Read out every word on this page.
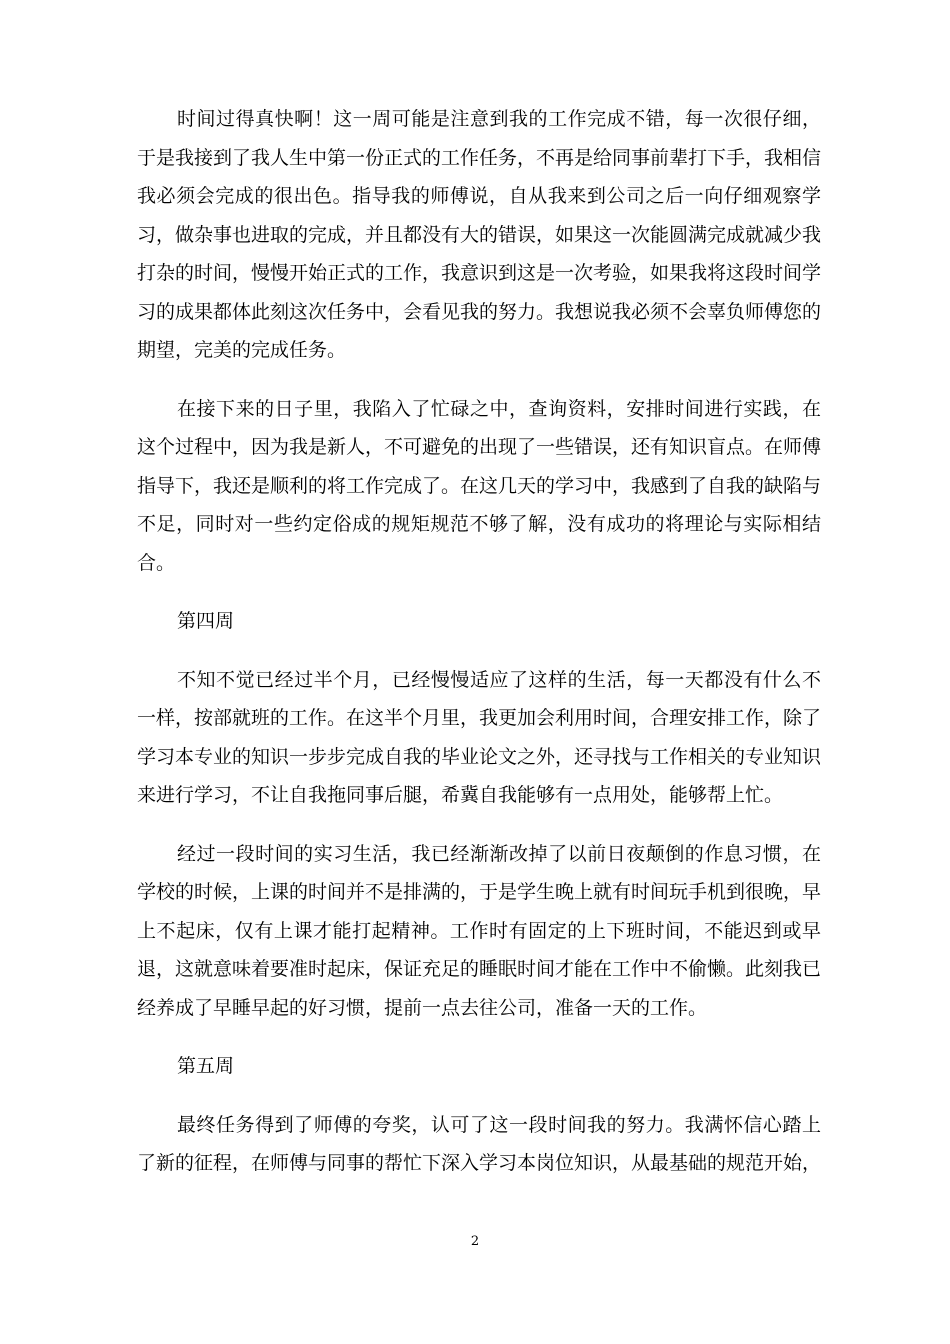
时间过得真快啊！这一周可能是注意到我的工作完成不错，每一次很仔细，于是我接到了我人生中第一份正式的工作任务，不再是给同事前辈打下手，我相信我必须会完成的很出色。指导我的师傅说，自从我来到公司之后一向仔细观察学习，做杂事也进取的完成，并且都没有大的错误，如果这一次能圆满完成就减少我打杂的时间，慢慢开始正式的工作，我意识到这是一次考验，如果我将这段时间学习的成果都体此刻这次任务中，会看见我的努力。我想说我必须不会辜负师傅您的期望，完美的完成任务。

在接下来的日子里，我陷入了忙碌之中，查询资料，安排时间进行实践，在这个过程中，因为我是新人，不可避免的出现了一些错误，还有知识盲点。在师傅指导下，我还是顺利的将工作完成了。在这几天的学习中，我感到了自我的缺陷与不足，同时对一些约定俗成的规矩规范不够了解，没有成功的将理论与实际相结合。

第四周

不知不觉已经过半个月，已经慢慢适应了这样的生活，每一天都没有什么不一样，按部就班的工作。在这半个月里，我更加会利用时间，合理安排工作，除了学习本专业的知识一步步完成自我的毕业论文之外，还寻找与工作相关的专业知识来进行学习，不让自我拖同事后腿，希冀自我能够有一点用处，能够帮上忙。

经过一段时间的实习生活，我已经渐渐改掉了以前日夜颠倒的作息习惯，在学校的时候，上课的时间并不是排满的，于是学生晚上就有时间玩手机到很晚，早上不起床，仅有上课才能打起精神。工作时有固定的上下班时间，不能迟到或早退，这就意味着要准时起床，保证充足的睡眠时间才能在工作中不偷懒。此刻我已经养成了早睡早起的好习惯，提前一点去往公司，准备一天的工作。

第五周

最终任务得到了师傅的夸奖，认可了这一段时间我的努力。我满怀信心踏上了新的征程，在师傅与同事的帮忙下深入学习本岗位知识，从最基础的规范开始，

2
